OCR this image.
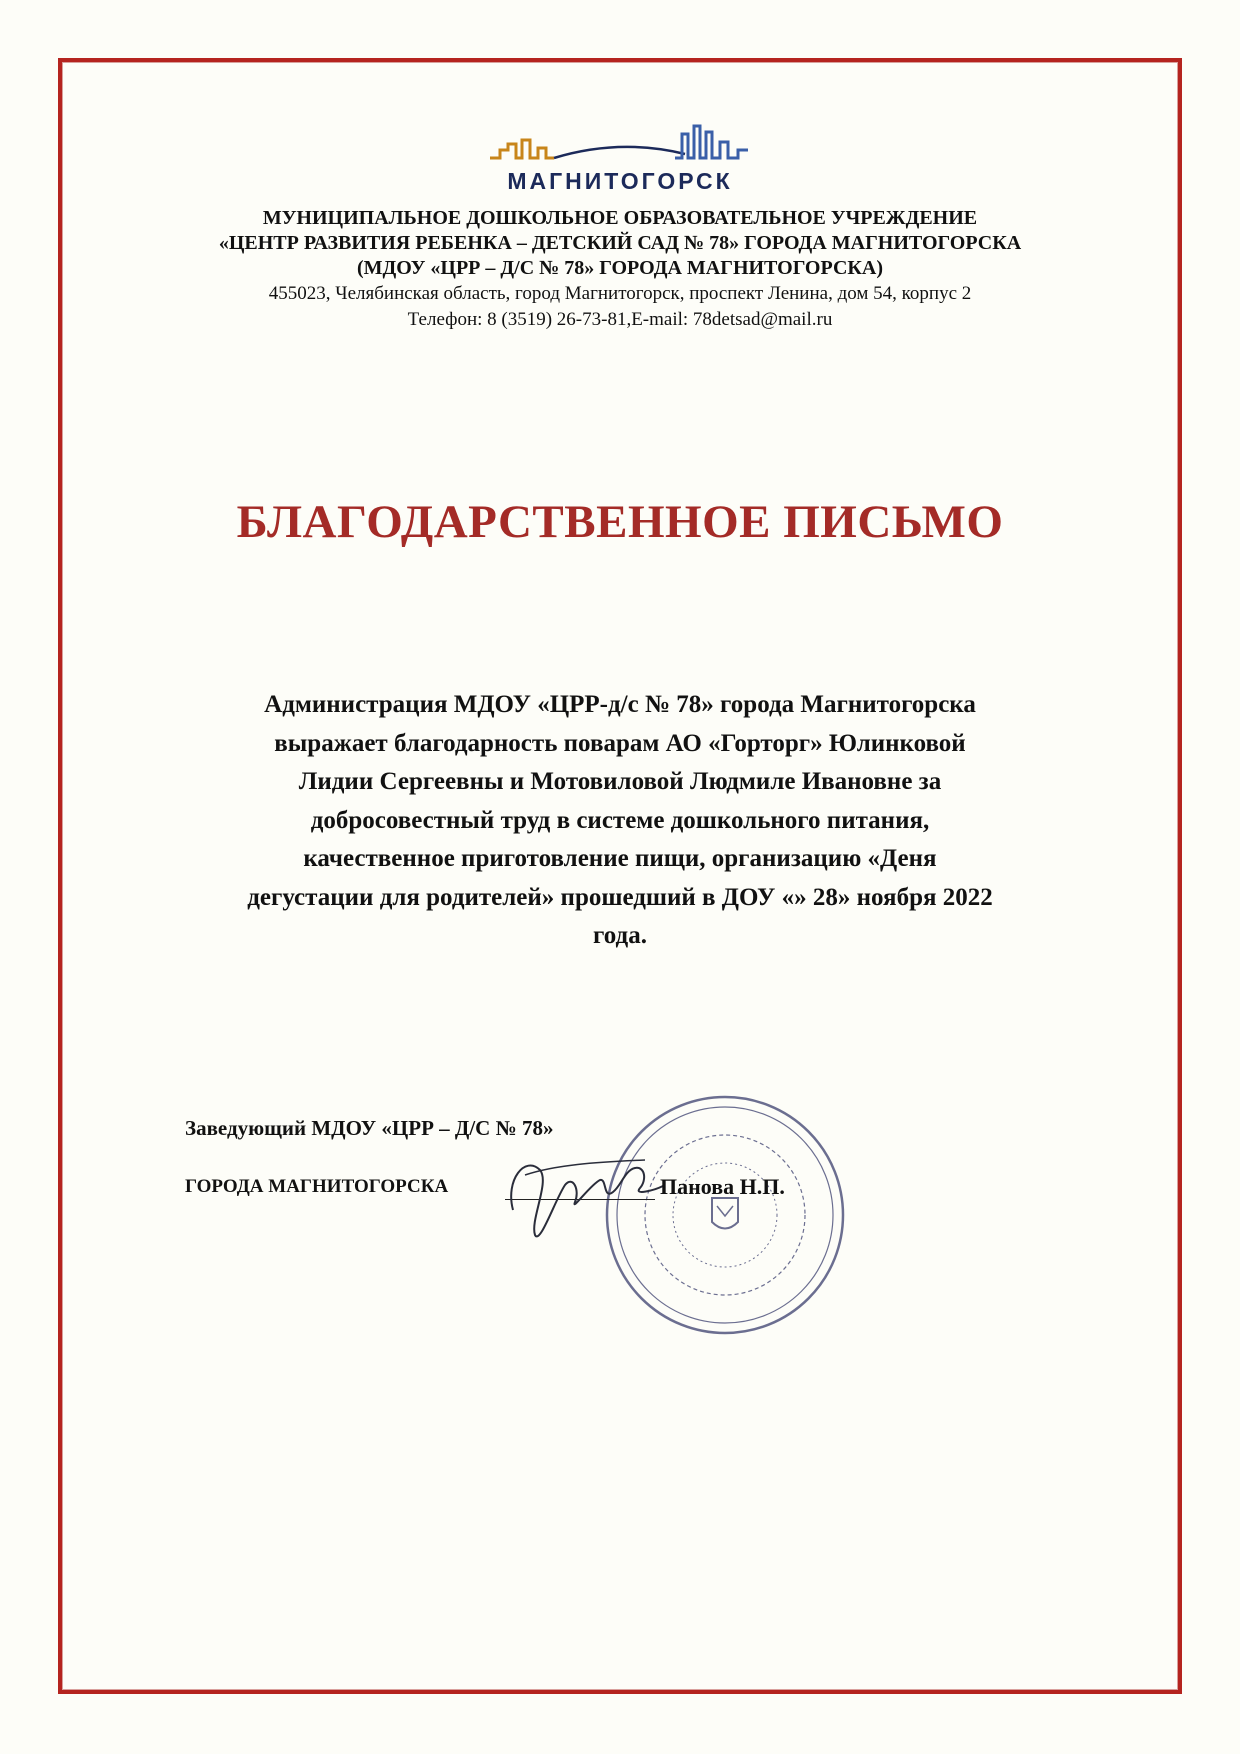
МАГНИТОГОРСК
МУНИЦИПАЛЬНОЕ ДОШКОЛЬНОЕ ОБРАЗОВАТЕЛЬНОЕ УЧРЕЖДЕНИЕ
«ЦЕНТР РАЗВИТИЯ РЕБЕНКА – ДЕТСКИЙ САД № 78» ГОРОДА МАГНИТОГОРСКА
(МДОУ «ЦРР – Д/С № 78» ГОРОДА МАГНИТОГОРСКА)
455023, Челябинская область, город Магнитогорск, проспект Ленина, дом 54, корпус 2
Телефон: 8 (3519) 26-73-81,E-mail: 78detsad@mail.ru
БЛАГОДАРСТВЕННОЕ ПИСЬМО
Администрация МДОУ «ЦРР-д/с № 78» города Магнитогорска
выражает благодарность поварам АО «Горторг» Юлинковой
Лидии Сергеевны и Мотовиловой Людмиле Ивановне за
добросовестный труд в системе дошкольного питания,
качественное приготовление пищи, организацию «Деня
дегустации для родителей» прошедший в ДОУ «» 28» ноября 2022
года.
Заведующий МДОУ «ЦРР – Д/С № 78»
ГОРОДА МАГНИТОГОРСКА	Панова Н.П.
